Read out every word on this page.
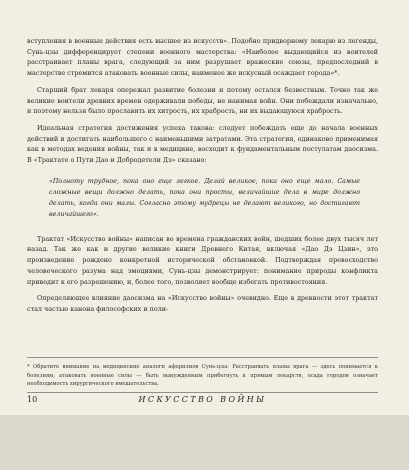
вступления в военные действия есть высшее из искусств». Подобно придворному лекарю из легенды, Сунь-цзы дифференцирует степени военного мастерства: «Наиболее выдающийся из воителей расстраивает планы врага, следующий за ним разрушает вражеские союзы, предпоследний в мастерстве стремится атаковать военные силы, наименее же искусный осаждает города»*.

Старший брат лекаря опережал развитие болезни и потому остался безвестным. Точно так же великие воители древних времен одерживали победы, не нанимая войн. Они побеждали изначально, и поэтому нельзя было прославить их хитрость, их храбрость, ни их выдающуюся храбрость.

Идеальная стратегия достижения успеха такова: следует побеждать еще до начала военных действий и достигать наибольшего с наименьшими затратами. Эта стратегия, одинаково применимая как в методах ведения войны, так и в медицине, восходит к фундаментальным постулатам даосизма. В «Трактате о Пути Дао и Добродетели Дэ» сказано:

«Полноту трудное, пока оно еще легкое. Делай великое, пока оно еще мало. Самые сложные вещи должно делать, пока они просты, величайшие дела в мире должно делать, когда они малы. Согласно этому мудрецы не делают великого, но достигают величайшего».

Трактат «Искусство войны» написан во времена гражданских войн, шедших более двух тысяч лет назад. Так же как и другие великие книги Древнего Китая, включая «Дао Дэ Цзин», это произведение рождено конкретной исторической обстановкой. Подтверждая превосходство человеческого разума над эмоциями, Сунь-цзы демонстрирует: понимание природы конфликта приводит к его разрешению, и, более того, позволяет вообще избегать противостояния.

Определяющее влияние даосизма на «Искусство войны» очевидно. Еще в древности этот трактат стал частью канона философских и поли-

* Обратите внимание на медицинские аналоги афоризмов Сунь-цзы: Расстраивать планы врага — здесь понимается к болезням, атаковать военные силы — быть вынужденным прибегнуть к прямым лекарств, осада городов означает необходимость хирургического вмешательства.

10	ИСКУССТВО ВОЙНЫ
